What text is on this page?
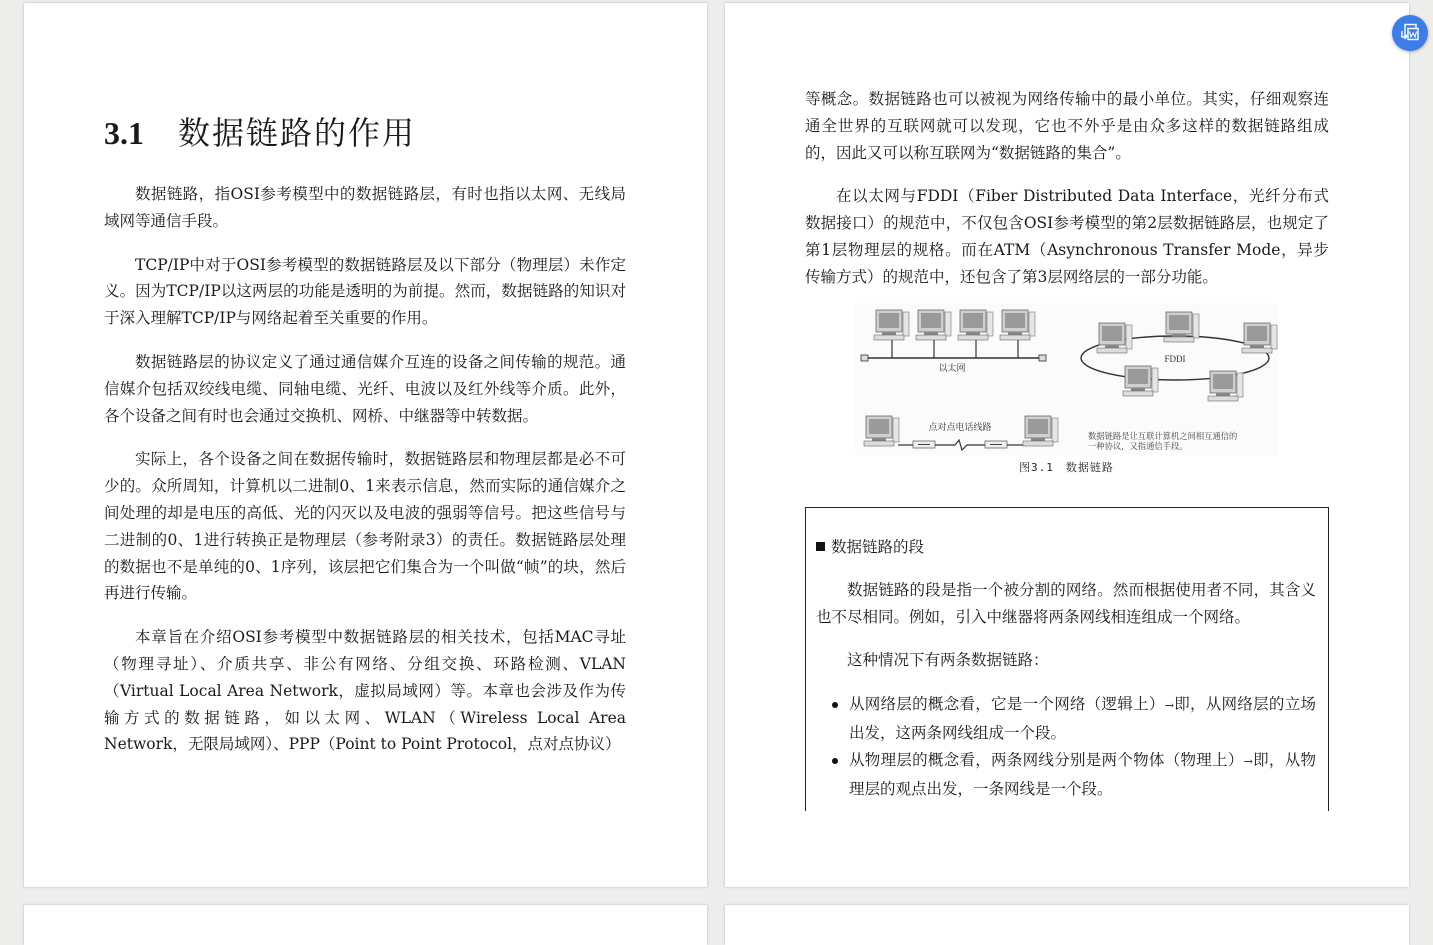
3.1 数据链路的作用

数据链路，指OSI参考模型中的数据链路层，有时也指以太网、无线局域网等通信手段。

TCP/IP中对于OSI参考模型的数据链路层及以下部分（物理层）未作定义。因为TCP/IP以这两层的功能是透明的为前提。然而，数据链路的知识对于深入理解TCP/IP与网络起着至关重要的作用。

数据链路层的协议定义了通过通信媒介互连的设备之间传输的规范。通信媒介包括双绞线电缆、同轴电缆、光纤、电波以及红外线等介质。此外，各个设备之间有时也会通过交换机、网桥、中继器等中转数据。

实际上，各个设备之间在数据传输时，数据链路层和物理层都是必不可少的。众所周知，计算机以二进制0、1来表示信息，然而实际的通信媒介之间处理的却是电压的高低、光的闪灭以及电波的强弱等信号。把这些信号与二进制的0、1进行转换正是物理层（参考附录3）的责任。数据链路层处理的数据也不是单纯的0、1序列，该层把它们集合为一个叫做“帧”的块，然后再进行传输。

本章旨在介绍OSI参考模型中数据链路层的相关技术，包括MAC寻址（物理寻址）、介质共享、非公有网络、分组交换、环路检测、VLAN（Virtual Local Area Network，虚拟局域网）等。本章也会涉及作为传输方式的数据链路，如以太网、WLAN（Wireless Local Area Network，无限局域网）、PPP（Point to Point Protocol，点对点协议）

等概念。数据链路也可以被视为网络传输中的最小单位。其实，仔细观察连通全世界的互联网就可以发现，它也不外乎是由众多这样的数据链路组成的，因此又可以称互联网为“数据链路的集合”。

在以太网与FDDI（Fiber Distributed Data Interface，光纤分布式数据接口）的规范中，不仅包含OSI参考模型的第2层数据链路层，也规定了第1层物理层的规格。而在ATM（Asynchronous Transfer Mode，异步传输方式）的规范中，还包含了第3层网络层的一部分功能。

以太网
FDDI
点对点电话线路
数据链路是让互联计算机之间相互通信的
一种协议，又指通信手段。
图3.1　数据链路
数据链路的段

数据链路的段是指一个被分割的网络。然而根据使用者不同，其含义也不尽相同。例如，引入中继器将两条网线相连组成一个网络。

这种情况下有两条数据链路：

从网络层的概念看，它是一个网络（逻辑上）→即，从网络层的立场出发，这两条网线组成一个段。
从物理层的概念看，两条网线分别是两个物体（物理上）→即，从物理层的观点出发，一条网线是一个段。
